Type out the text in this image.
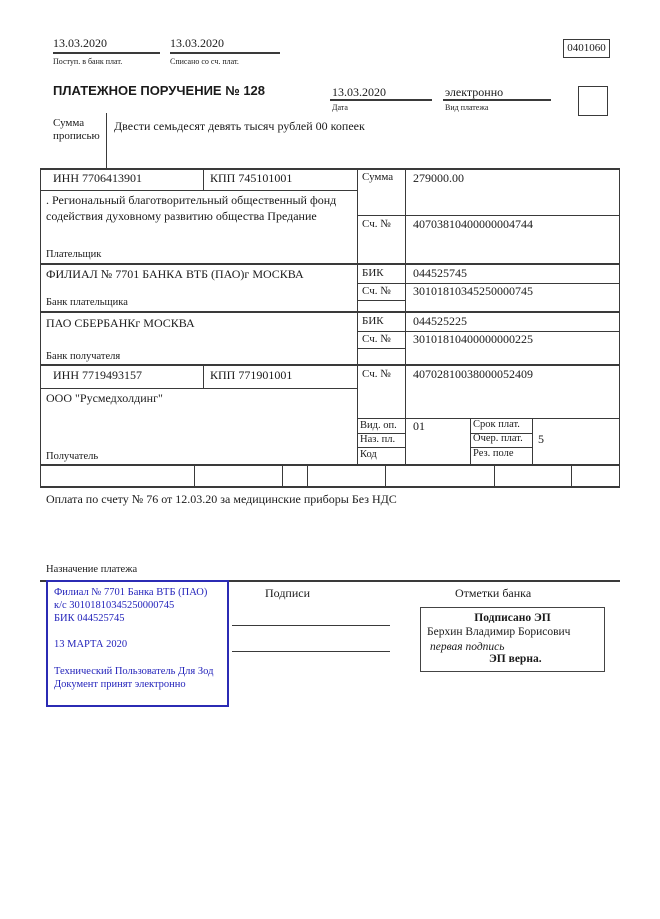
13.03.2020
Поступ. в банк плат.
13.03.2020
Списано со сч. плат.
0401060
ПЛАТЕЖНОЕ ПОРУЧЕНИЕ № 128	13.03.2020
Дата
электронно
Вид платежа
Сумма прописью
Двести семьдесят девять тысяч рублей 00 копеек
ИНН 7706413901	КПП 745101001	Сумма 279000.00
. Региональный благотворительный общественный фонд содействия духовному развитию общества Предание
Сч. № 40703810400000004744
Плательщик
ФИЛИАЛ № 7701 БАНКА ВТБ (ПАО)г МОСКВА	БИК 044525745
Сч. № 30101810345250000745
Банк плательщика
ПАО СБЕРБАНКг МОСКВА	БИК 044525225
Сч. № 30101810400000000225
Банк получателя
ИНН 7719493157	КПП 771901001	Сч. № 40702810038000052409
ООО "Русмедхолдинг"
Вид. оп. 01	Срок плат.
Наз. пл.	Очер. плат. 5
Код	Рез. поле
Получатель
Оплата по счету № 76 от 12.03.20 за медицинские приборы Без НДС
Назначение платежа
Подписи	Отметки банка
Филиал № 7701 Банка ВТБ (ПАО)
к/с 30101810345250000745
БИК 044525745
13 МАРТА 2020
Технический Пользователь Для Зод
Документ принят электронно
Подписано ЭП
Берхин Владимир Борисович
первая подпись
ЭП верна.
